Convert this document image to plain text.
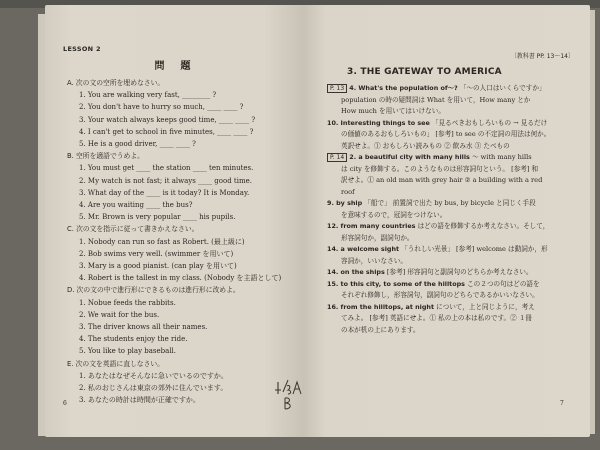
LESSON 2
問　題
A. 次の文の空所を埋めなさい。
1. You are walking very fast, ________ ?
2. You don't have to hurry so much, ____ ____ ?
3. Your watch always keeps good time, ____ ____ ?
4. I can't get to school in five minutes, ____ ____ ?
5. He is a good driver, ____ ____ ?
B. 空所を適語でうめよ。
1. You must get ____ the station ____ ten minutes.
2. My watch is not fast; it always ____ good time.
3. What day of the ____ is it today? It is Monday.
4. Are you waiting ____ the bus?
5. Mr. Brown is very popular ____ his pupils.
C. 次の文を指示に従って書きかえなさい。
1. Nobody can run so fast as Robert. (最上級に)
2. Bob swims very well. (swimmer を用いて)
3. Mary is a good pianist. (can play を用いて)
4. Robert is the tallest in my class. (Nobody を主語として)
D. 次の文の中で進行形にできるものは進行形に改めよ。
1. Nobue feeds the rabbits.
2. We wait for the bus.
3. The driver knows all their names.
4. The students enjoy the ride.
5. You like to play baseball.
E. 次の文を英語に直しなさい。
1. あなたはなぜそんなに急いでいるのですか。
2. 私のおじさんは東京の郊外に住んでいます。
3. あなたの時計は時間が正確ですか。
6
〔教科書 PP. 13〜14〕
3. THE GATEWAY TO AMERICA
P. 13 4. What's the population of〜? 「〜の人口はいくらですか」
population の時の疑問詞は What を用いて，How many とか
How much を用いてはいけない。
10. Interesting things to see 「見るべきおもしろいもの → 見るだけ
の価値のあるおもしろいもの」 [参考] to see の不定詞の用法は何か。
英訳せよ。① おもしろい読みもの ② 飲み水 ③ たべもの
P. 14 2. a beautiful city with many hills 〜 with many hills
は city を修飾する。このようなものは形容詞句という。 [参考] 和
訳せよ。① an old man with grey hair ② a building with a red
roof
9. by ship 「船で」 前置詞で出た by bus, by bicycle と同じく手段
を意味するので，冠詞をつけない。
12. from many countries はどの語を修飾するか考えなさい。そして，
形容詞句か，副詞句か。
14. a welcome sight 「うれしい光景」 [参考] welcome は動詞か，形
容詞か，いいなさい。
14. on the ships [参考] 形容詞句と副詞句のどちらか考えなさい。
15. to this city, to some of the hilltops この２つの句はどの語を
それぞれ修飾し，形容詞句，副詞句のどちらであるかいいなさい。
16. from the hilltops, at night について，上と同じように，考え
てみよ。 [参考] 英語にせよ。① 私の上の本は私のです。② １冊
の本が机の上にあります。
7
